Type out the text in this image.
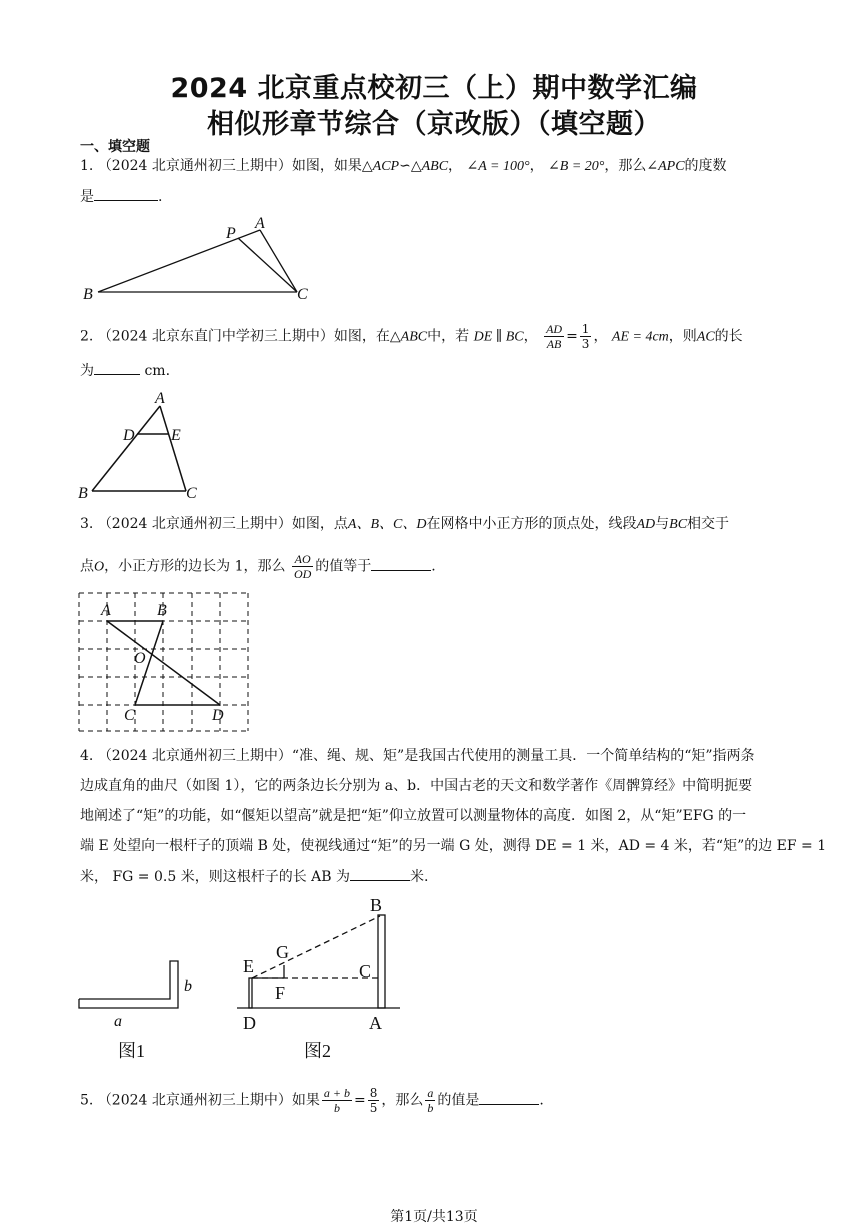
2024 北京重点校初三（上）期中数学汇编
相似形章节综合（京改版）（填空题）
一、填空题
1. （2024 北京通州初三上期中）如图，如果△ACP∽△ABC， ∠A = 100°， ∠B = 20°，那么∠APC的度数
是	.
P
A
B	C
2. （2024 北京东直门中学初三上期中）如图，在△ABC中，若 DE ∥ BC， $\frac{AD}{AB} = \frac{1}{3}$ ， AE = 4cm，则AC的长
为	cm.
A
D E
B	C
3. （2024 北京通州初三上期中）如图，点A、B、C、D在网格中小正方形的顶点处，线段AD与BC相交于
点O，小正方形的边长为 1，那么 $\frac{AO}{OD}$ 的值等于	.
A	B
O
C	D
4. （2024 北京通州初三上期中）“准、绳、规、矩”是我国古代使用的测量工具．一个简单结构的“矩”指两条
边成直角的曲尺（如图 1），它的两条边长分别为 a、b．中国古老的天文和数学著作《周髀算经》中简明扼要
地阐述了“矩”的功能，如“偃矩以望高”就是把“矩”仰立放置可以测量物体的高度．如图 2，从“矩”EFG 的一
端 E 处望向一根杆子的顶端 B 处，使视线通过“矩”的另一端 G 处，测得 DE = 1 米，AD = 4 米，若“矩”的边 EF = 1
米， FG = 0.5 米，则这根杆子的长 AB 为	米.
b
a
图1
B
G
E	C
F
D	A
图2
5. （2024 北京通州初三上期中）如果 $\frac{a + b}{b} = \frac{8}{5}$ ，那么 $\frac{a}{b}$ 的值是	.
第1页/共13页
